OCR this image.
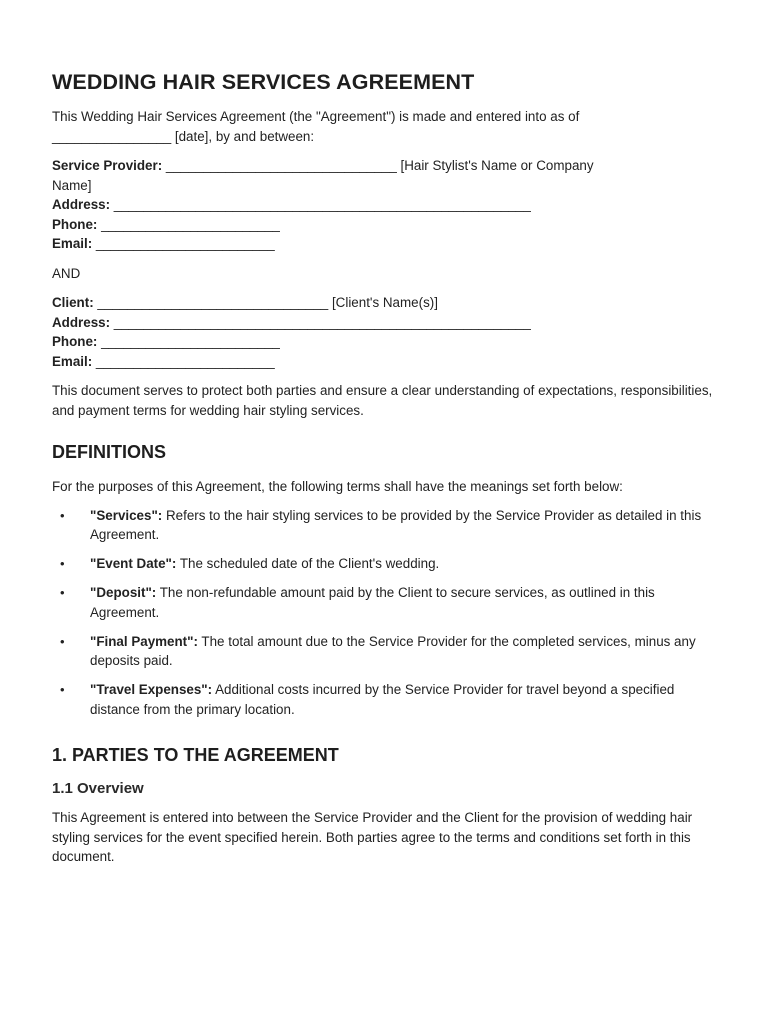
WEDDING HAIR SERVICES AGREEMENT
This Wedding Hair Services Agreement (the "Agreement") is made and entered into as of
________________ [date], by and between:
Service Provider: _______________________________ [Hair Stylist's Name or Company
Name]
Address: ________________________________________________________
Phone: ________________________
Email: ________________________
AND
Client: _______________________________ [Client's Name(s)]
Address: ________________________________________________________
Phone: ________________________
Email: ________________________

This document serves to protect both parties and ensure a clear understanding of expectations, responsibilities, and payment terms for wedding hair styling services.

DEFINITIONS

For the purposes of this Agreement, the following terms shall have the meanings set forth below:

• "Services": Refers to the hair styling services to be provided by the Service Provider as detailed in this Agreement.
• "Event Date": The scheduled date of the Client's wedding.
• "Deposit": The non-refundable amount paid by the Client to secure services, as outlined in this Agreement.
• "Final Payment": The total amount due to the Service Provider for the completed services, minus any deposits paid.
• "Travel Expenses": Additional costs incurred by the Service Provider for travel beyond a specified distance from the primary location.
1. PARTIES TO THE AGREEMENT
1.1 Overview

This Agreement is entered into between the Service Provider and the Client for the provision of wedding hair styling services for the event specified herein. Both parties agree to the terms and conditions set forth in this document.
